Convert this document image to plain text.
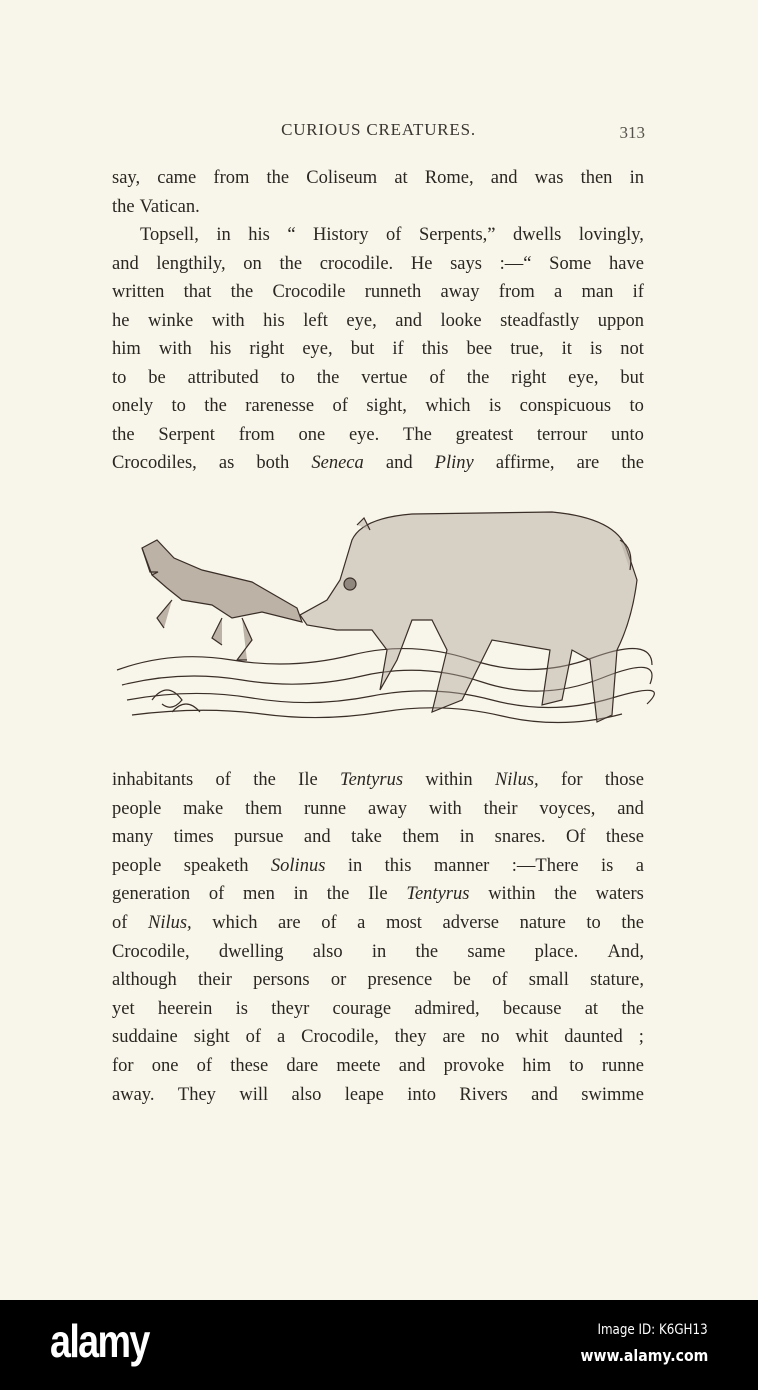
CURIOUS CREATURES.	313
say, came from the Coliseum at Rome, and was then in
the Vatican.
Topsell, in his “ History of Serpents,” dwells lovingly,
and lengthily, on the crocodile. He says :—“ Some have
written that the Crocodile runneth away from a man if
he winke with his left eye, and looke steadfastly uppon
him with his right eye, but if this bee true, it is not
to be attributed to the vertue of the right eye, but
onely to the rarenesse of sight, which is conspicuous to
the Serpent from one eye. The greatest terrour unto
Crocodiles, as both Seneca and Pliny affirme, are the
inhabitants of the Ile Tentyrus within Nilus, for those
people make them runne away with their voyces, and
many times pursue and take them in snares. Of these
people speaketh Solinus in this manner :—There is a
generation of men in the Ile Tentyrus within the waters
of Nilus, which are of a most adverse nature to the
Crocodile, dwelling also in the same place. And,
although their persons or presence be of small stature,
yet heerein is theyr courage admired, because at the
suddaine sight of a Crocodile, they are no whit daunted ;
for one of these dare meete and provoke him to runne
away. They will also leape into Rivers and swimme
alamy	Image ID: K6GH13
www.alamy.com
